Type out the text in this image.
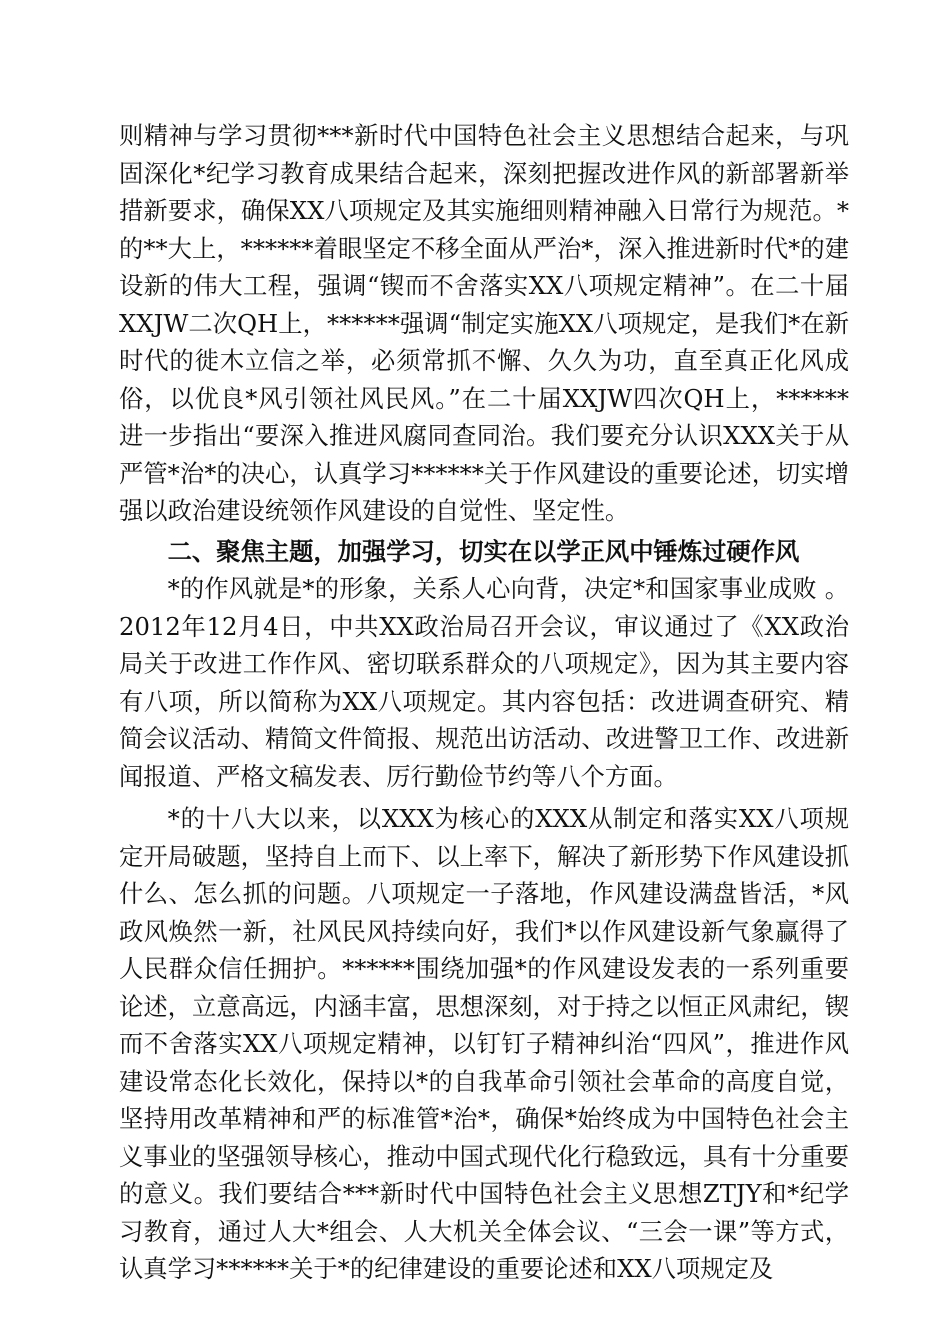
则精神与学习贯彻***新时代中国特色社会主义思想结合起来，与巩固深化*纪学习教育成果结合起来，深刻把握改进作风的新部署新举措新要求，确保XX八项规定及其实施细则精神融入日常行为规范。*的**大上，******着眼坚定不移全面从严治*，深入推进新时代*的建设新的伟大工程，强调“锲而不舍落实XX八项规定精神”。在二十届XXJW二次QH上，******强调“制定实施XX八项规定，是我们*在新时代的徙木立信之举，必须常抓不懈、久久为功，直至真正化风成俗，以优良*风引领社风民风。”在二十届XXJW四次QH上，******进一步指出“要深入推进风腐同查同治。我们要充分认识XXX关于从严管*治*的决心，认真学习******关于作风建设的重要论述，切实增强以政治建设统领作风建设的自觉性、坚定性。

二、聚焦主题，加强学习，切实在以学正风中锤炼过硬作风

*的作风就是*的形象，关系人心向背，决定*和国家事业成败 。2012年12月4日，中共XX政治局召开会议，审议通过了《XX政治局关于改进工作作风、密切联系群众的八项规定》，因为其主要内容有八项，所以简称为XX八项规定。其内容包括：改进调查研究、精简会议活动、精简文件简报、规范出访活动、改进警卫工作、改进新闻报道、严格文稿发表、厉行勤俭节约等八个方面。

*的十八大以来，以XXX为核心的XXX从制定和落实XX八项规定开局破题，坚持自上而下、以上率下，解决了新形势下作风建设抓什么、怎么抓的问题。八项规定一子落地，作风建设满盘皆活，*风政风焕然一新，社风民风持续向好，我们*以作风建设新气象赢得了人民群众信任拥护。******围绕加强*的作风建设发表的一系列重要论述，立意高远，内涵丰富，思想深刻，对于持之以恒正风肃纪，锲而不舍落实XX八项规定精神，以钉钉子精神纠治“四风”，推进作风建设常态化长效化，保持以*的自我革命引领社会革命的高度自觉，坚持用改革精神和严的标准管*治*，确保*始终成为中国特色社会主义事业的坚强领导核心，推动中国式现代化行稳致远，具有十分重要的意义。我们要结合***新时代中国特色社会主义思想ZTJY和*纪学习教育，通过人大*组会、人大机关全体会议、“三会一课”等方式，认真学习******关于*的纪律建设的重要论述和XX八项规定及
